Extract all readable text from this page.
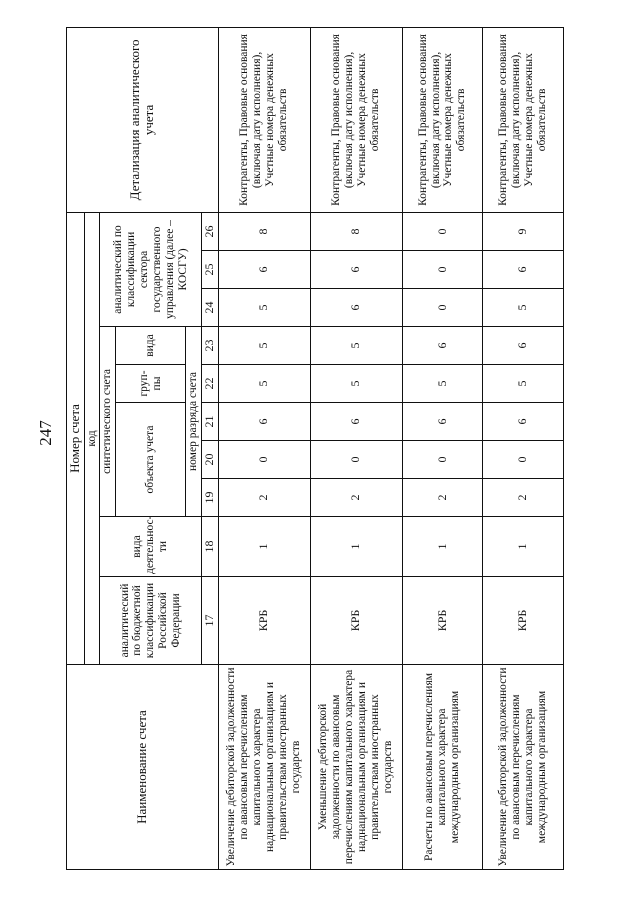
247
Наименование счета	Номер счета										Детализация аналитического учета
	код										
	аналитический по бюджетной классификации Российской Федерации	вида деятельнос-ти	синтетического счета					аналитический по классификации сектора государственного управления (далее – КОСГУ)			
			объекта учета			груп-пы	вида				
			номер разряда счета								
	17	18	19	20	21	22	23	24	25	26	
Увеличение дебиторской задолженности по авансовым перечислениям капитального характера наднациональным организациям и правительствам иностранных государств	КРБ	1	2	0	6	5	5	5	6	8	Контрагенты, Правовые основания (включая дату исполнения), Учетные номера денежных обязательств
Уменьшение дебиторской задолженности по авансовым перечислениям капитального характера наднациональным организациям и правительствам иностранных государств	КРБ	1	2	0	6	5	5	6	6	8	Контрагенты, Правовые основания (включая дату исполнения), Учетные номера денежных обязательств
Расчеты по авансовым перечислениям капитального характера международным организациям	КРБ	1	2	0	6	5	6	0	0	0	Контрагенты, Правовые основания (включая дату исполнения), Учетные номера денежных обязательств
Увеличение дебиторской задолженности по авансовым перечислениям капитального характера международным организациям	КРБ	1	2	0	6	5	6	5	6	9	Контрагенты, Правовые основания (включая дату исполнения), Учетные номера денежных обязательств
